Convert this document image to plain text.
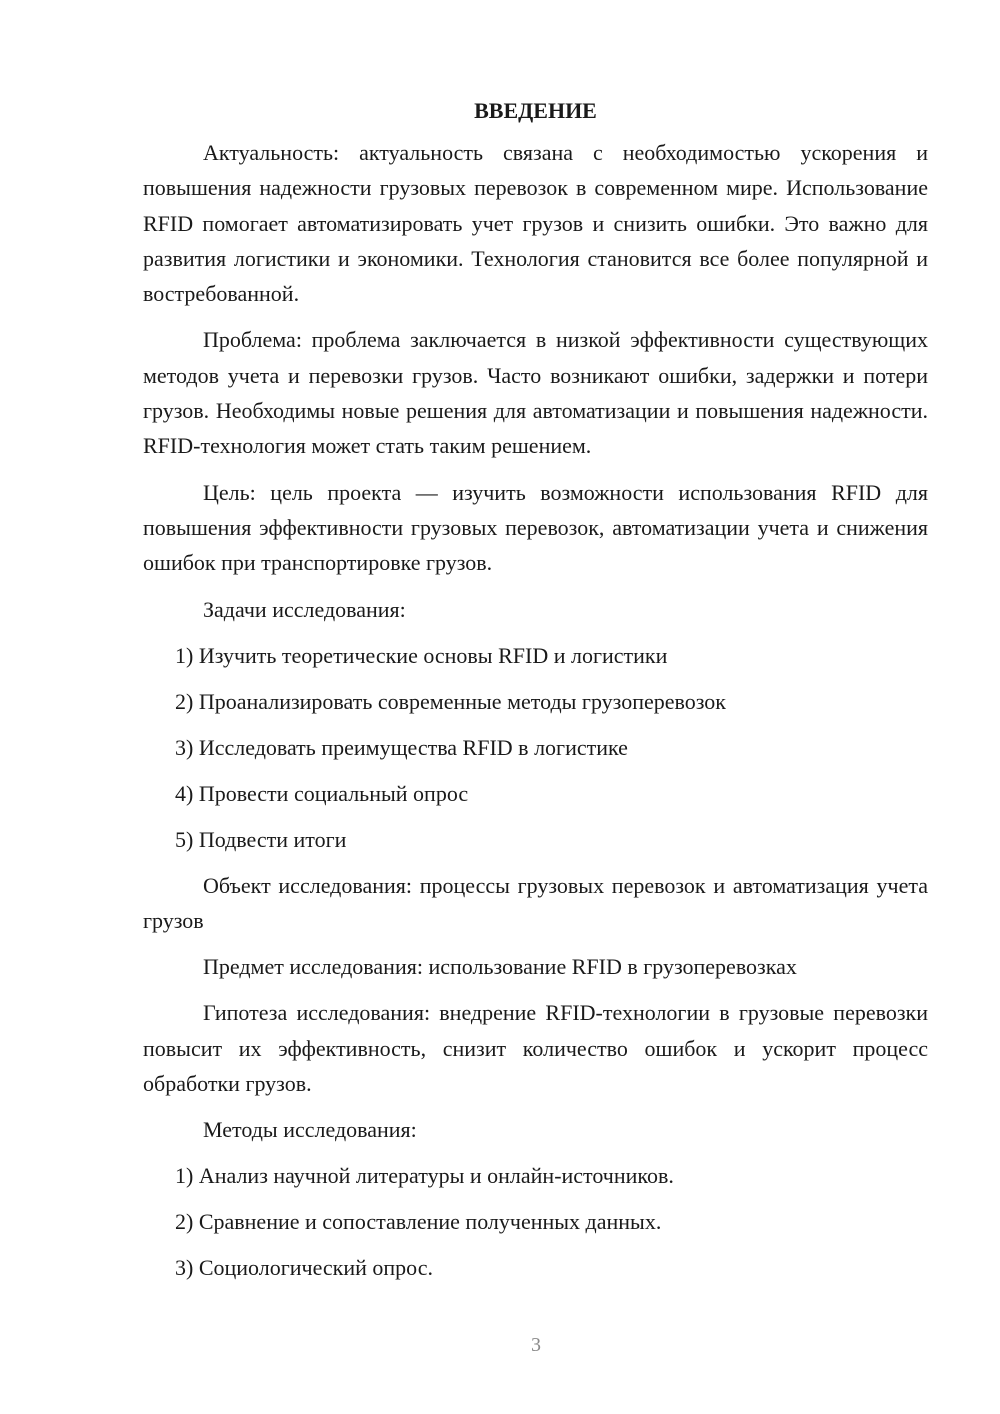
ВВЕДЕНИЕ

Актуальность: актуальность связана с необходимостью ускорения и повышения надежности грузовых перевозок в современном мире. Использование RFID помогает автоматизировать учет грузов и снизить ошибки. Это важно для развития логистики и экономики. Технология становится все более популярной и востребованной.

Проблема: проблема заключается в низкой эффективности существующих методов учета и перевозки грузов. Часто возникают ошибки, задержки и потери грузов. Необходимы новые решения для автоматизации и повышения надежности. RFID-технология может стать таким решением.

Цель: цель проекта — изучить возможности использования RFID для повышения эффективности грузовых перевозок, автоматизации учета и снижения ошибок при транспортировке грузов.

Задачи исследования:
1) Изучить теоретические основы RFID и логистики
2) Проанализировать современные методы грузоперевозок
3) Исследовать преимущества RFID в логистике
4) Провести социальный опрос
5) Подвести итоги

Объект исследования: процессы грузовых перевозок и автоматизация учета грузов

Предмет исследования: использование RFID в грузоперевозках

Гипотеза исследования: внедрение RFID-технологии в грузовые перевозки повысит их эффективность, снизит количество ошибок и ускорит процесс обработки грузов.

Методы исследования:
1) Анализ научной литературы и онлайн-источников.
2) Сравнение и сопоставление полученных данных.
3) Социологический опрос.
3
